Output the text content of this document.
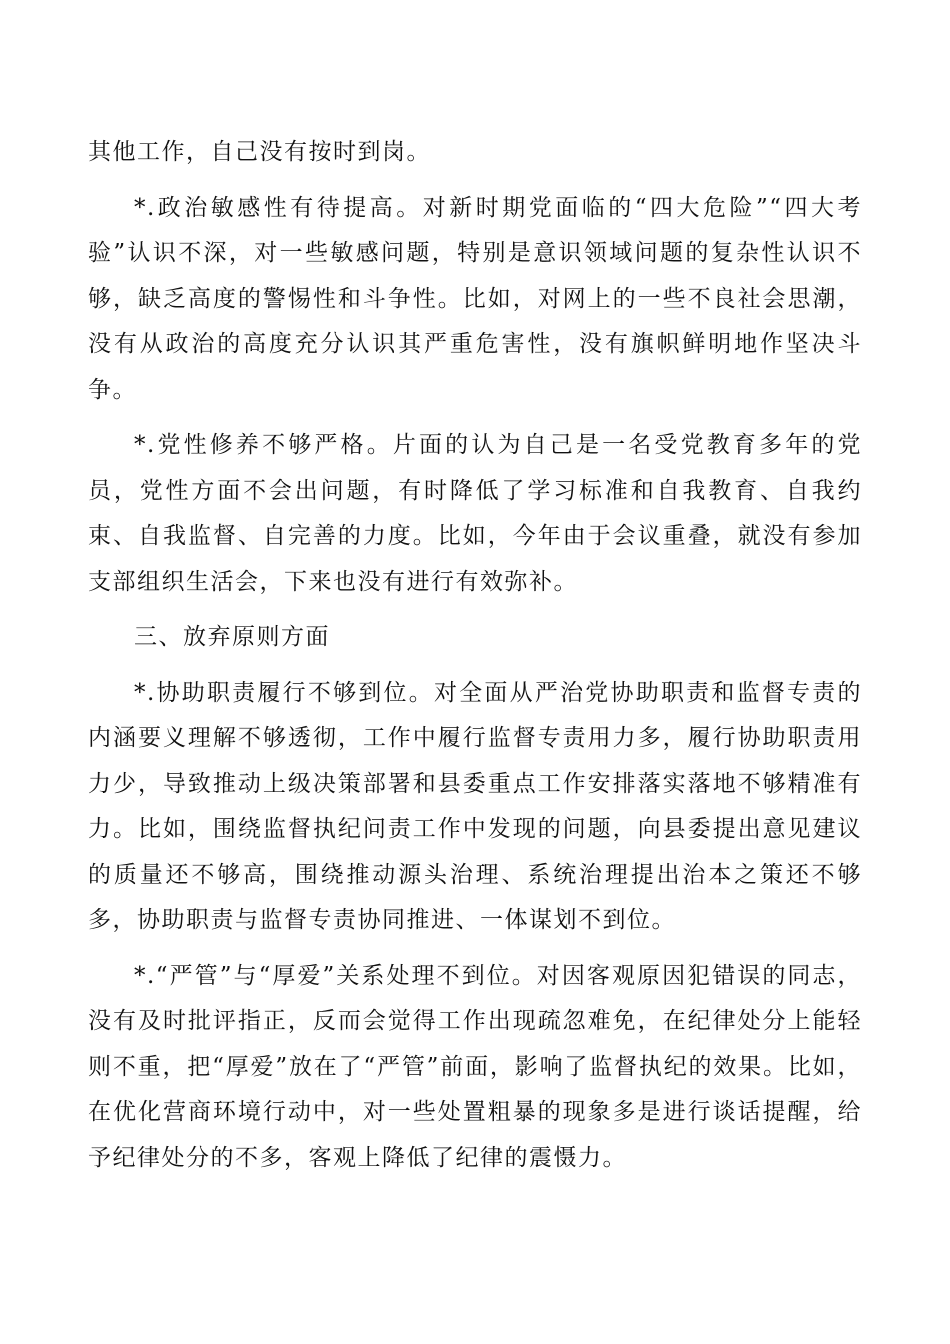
其他工作，自己没有按时到岗。

*.政治敏感性有待提高。对新时期党面临的“四大危险”“四大考验”认识不深，对一些敏感问题，特别是意识领域问题的复杂性认识不够，缺乏高度的警惕性和斗争性。比如，对网上的一些不良社会思潮，没有从政治的高度充分认识其严重危害性，没有旗帜鲜明地作坚决斗争。

*.党性修养不够严格。片面的认为自己是一名受党教育多年的党员，党性方面不会出问题，有时降低了学习标准和自我教育、自我约束、自我监督、自完善的力度。比如，今年由于会议重叠，就没有参加支部组织生活会，下来也没有进行有效弥补。

三、放弃原则方面

*.协助职责履行不够到位。对全面从严治党协助职责和监督专责的内涵要义理解不够透彻，工作中履行监督专责用力多，履行协助职责用力少，导致推动上级决策部署和县委重点工作安排落实落地不够精准有力。比如，围绕监督执纪问责工作中发现的问题，向县委提出意见建议的质量还不够高，围绕推动源头治理、系统治理提出治本之策还不够多，协助职责与监督专责协同推进、一体谋划不到位。

*.“严管”与“厚爱”关系处理不到位。对因客观原因犯错误的同志，没有及时批评指正，反而会觉得工作出现疏忽难免，在纪律处分上能轻则不重，把“厚爱”放在了“严管”前面，影响了监督执纪的效果。比如，在优化营商环境行动中，对一些处置粗暴的现象多是进行谈话提醒，给予纪律处分的不多，客观上降低了纪律的震慑力。
